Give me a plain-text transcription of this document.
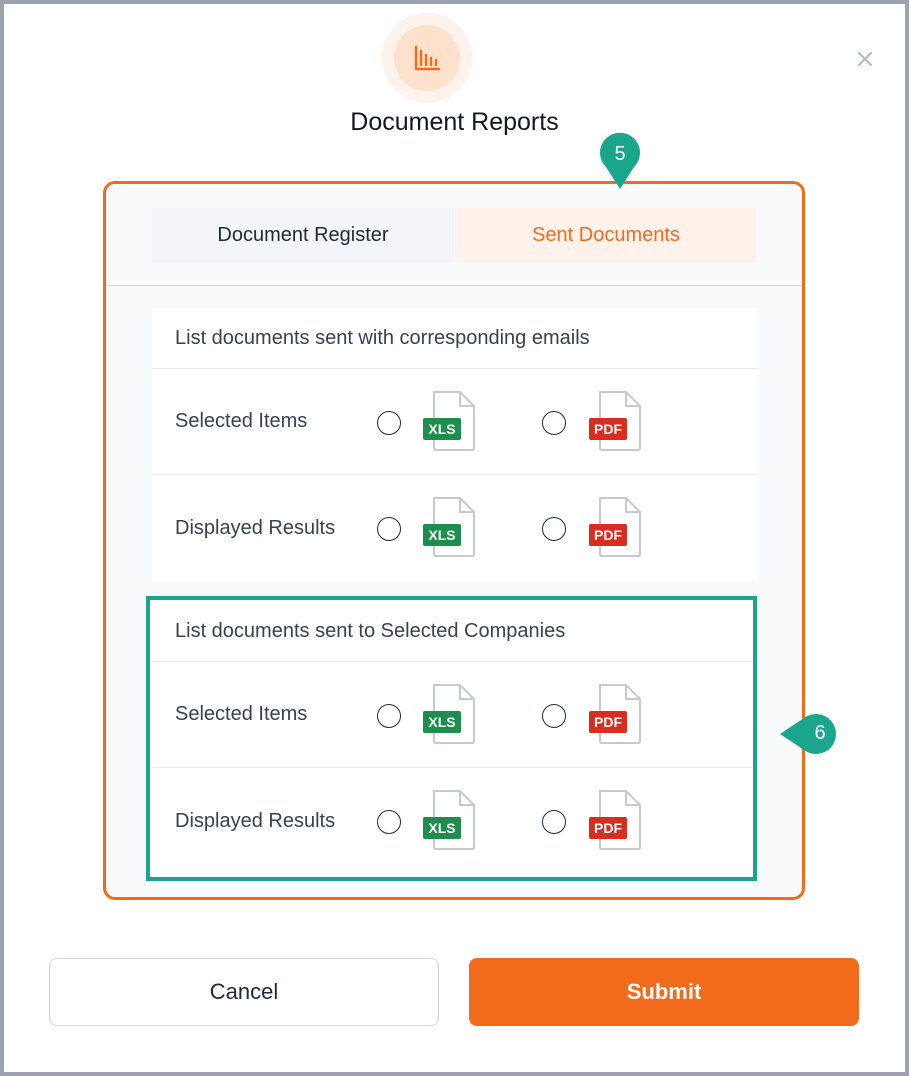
Document Reports
Document Register	Sent Documents
List documents sent with corresponding emails
Selected Items	XLS	PDF
Displayed Results	XLS	PDF
List documents sent to Selected Companies
Selected Items	XLS	PDF
Displayed Results	XLS	PDF
5
6
Cancel	Submit
